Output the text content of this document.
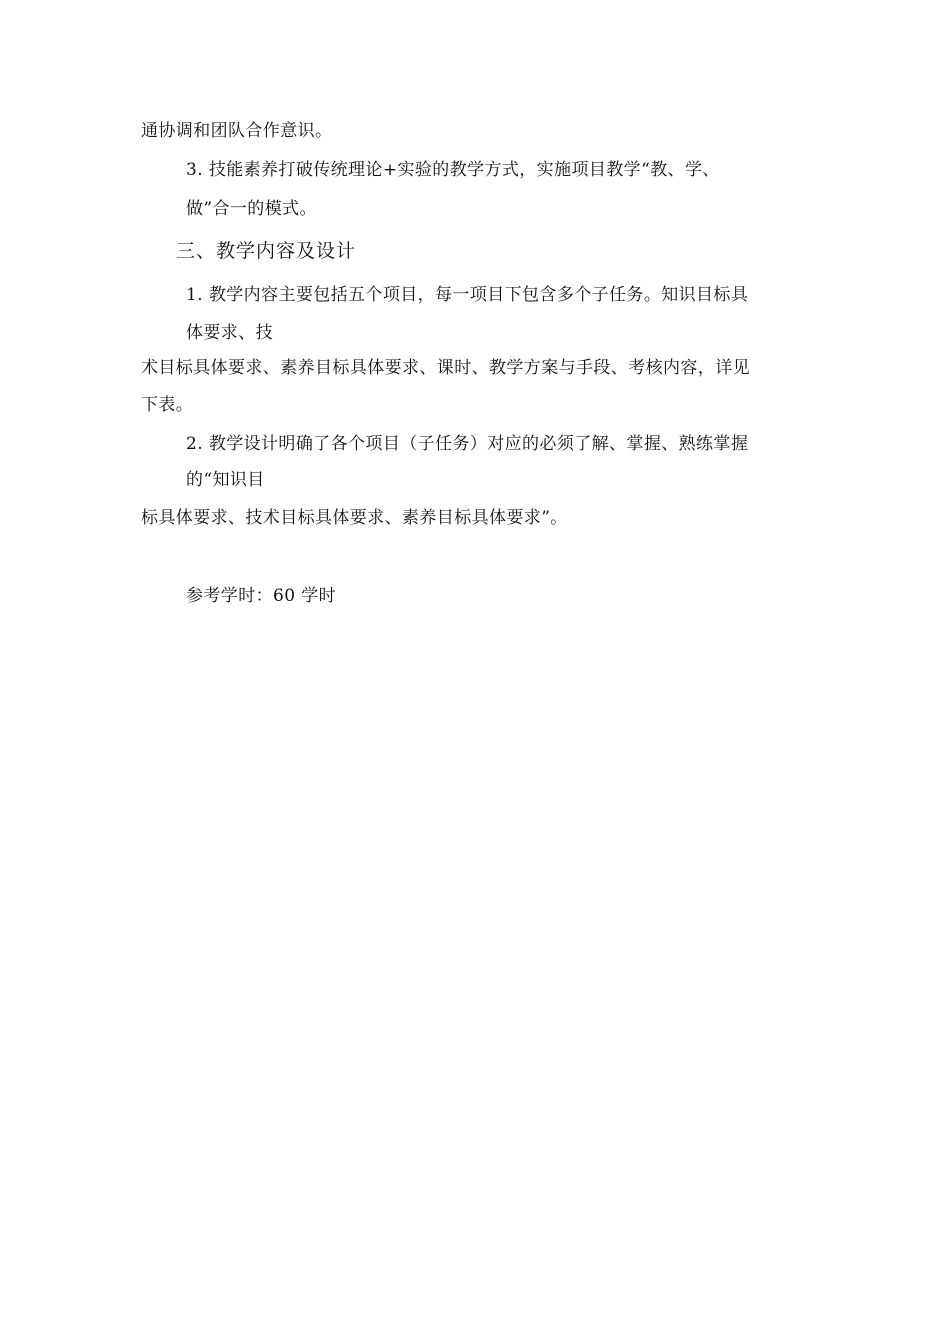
通协调和团队合作意识。
3. 技能素养打破传统理论+实验的教学方式，实施项目教学“教、学、
做”合一的模式。
三、教学内容及设计
1. 教学内容主要包括五个项目，每一项目下包含多个子任务。知识目标具
体要求、技
术目标具体要求、素养目标具体要求、课时、教学方案与手段、考核内容，详见
下表。
2. 教学设计明确了各个项目（子任务）对应的必须了解、掌握、熟练掌握
的“知识目
标具体要求、技术目标具体要求、素养目标具体要求”。
参考学时：60 学时
